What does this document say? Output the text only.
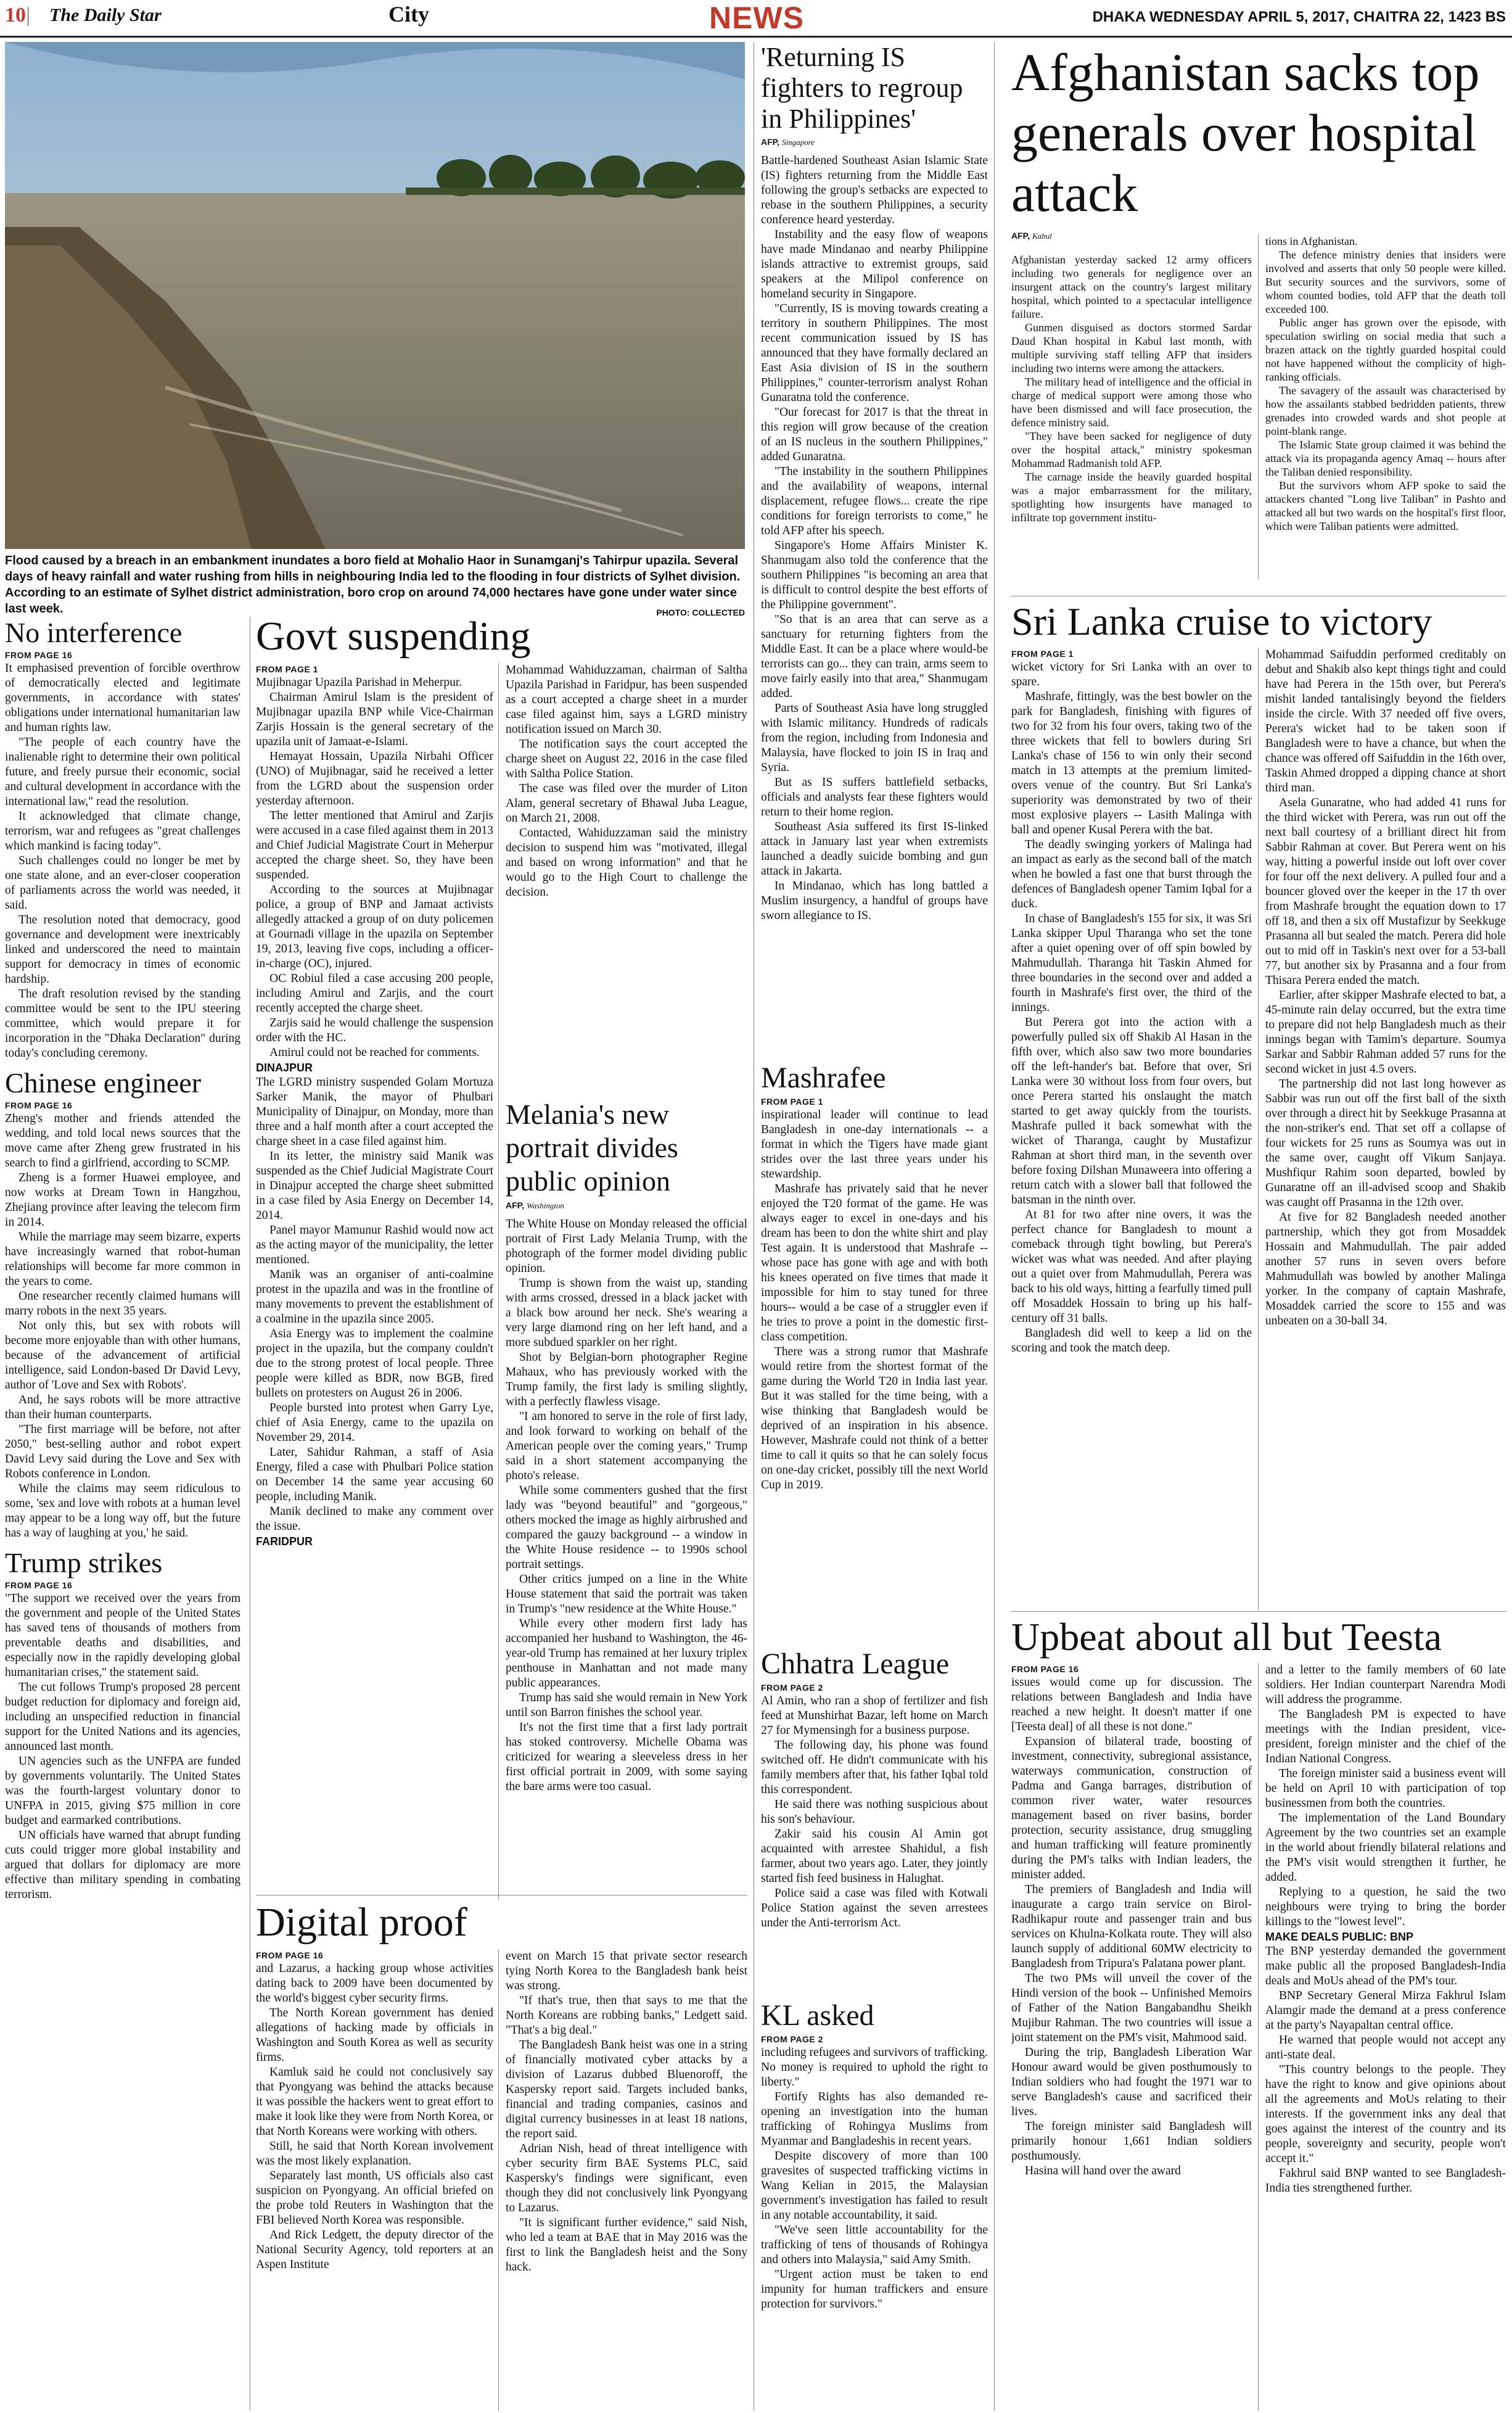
10| The Daily Star	City	NEWS	DHAKA WEDNESDAY APRIL 5, 2017, CHAITRA 22, 1423 BS
Flood caused by a breach in an embankment inundates a boro field at Mohalio Haor in Sunamganj's Tahirpur upazila. Several days of heavy rainfall and water rushing from hills in neighbouring India led to the flooding in four districts of Sylhet division. According to an estimate of Sylhet district administration, boro crop on around 74,000 hectares have gone under water since last week.	PHOTO: COLLECTED
No interference
FROM PAGE 16

It emphasised prevention of forcible overthrow of democratically elected and legitimate governments, in accordance with states' obligations under international humanitarian law and human rights law.

"The people of each country have the inalienable right to determine their own political future, and freely pursue their economic, social and cultural development in accordance with the international law," read the resolution.

It acknowledged that climate change, terrorism, war and refugees as "great challenges which mankind is facing today".

Such challenges could no longer be met by one state alone, and an ever-closer cooperation of parliaments across the world was needed, it said.

The resolution noted that democracy, good governance and development were inextricably linked and underscored the need to maintain support for democracy in times of economic hardship.

The draft resolution revised by the standing committee would be sent to the IPU steering committee, which would prepare it for incorporation in the "Dhaka Declaration" during today's concluding ceremony.

Chinese engineer
FROM PAGE 16

Zheng's mother and friends attended the wedding, and told local news sources that the move came after Zheng grew frustrated in his search to find a girlfriend, according to SCMP.

Zheng is a former Huawei employee, and now works at Dream Town in Hangzhou, Zhejiang province after leaving the telecom firm in 2014.

While the marriage may seem bizarre, experts have increasingly warned that robot-human relationships will become far more common in the years to come.

One researcher recently claimed humans will marry robots in the next 35 years.

Not only this, but sex with robots will become more enjoyable than with other humans, because of the advancement of artificial intelligence, said London-based Dr David Levy, author of 'Love and Sex with Robots'.

And, he says robots will be more attractive than their human counterparts.

"The first marriage will be before, not after 2050," best-selling author and robot expert David Levy said during the Love and Sex with Robots conference in London.

While the claims may seem ridiculous to some, 'sex and love with robots at a human level may appear to be a long way off, but the future has a way of laughing at you,' he said.

Trump strikes
FROM PAGE 16

"The support we received over the years from the government and people of the United States has saved tens of thousands of mothers from preventable deaths and disabilities, and especially now in the rapidly developing global humanitarian crises," the statement said.

The cut follows Trump's proposed 28 percent budget reduction for diplomacy and foreign aid, including an unspecified reduction in financial support for the United Nations and its agencies, announced last month.

UN agencies such as the UNFPA are funded by governments voluntarily. The United States was the fourth-largest voluntary donor to UNFPA in 2015, giving $75 million in core budget and earmarked contributions.

UN officials have warned that abrupt funding cuts could trigger more global instability and argued that dollars for diplomacy are more effective than military spending in combating terrorism.

Govt suspending
FROM PAGE 1

Mujibnagar Upazila Parishad in Meherpur.

Chairman Amirul Islam is the president of Mujibnagar upazila BNP while Vice-Chairman Zarjis Hossain is the general secretary of the upazila unit of Jamaat-e-Islami.

Hemayat Hossain, Upazila Nirbahi Officer (UNO) of Mujibnagar, said he received a letter from the LGRD about the suspension order yesterday afternoon.

The letter mentioned that Amirul and Zarjis were accused in a case filed against them in 2013 and Chief Judicial Magistrate Court in Meherpur accepted the charge sheet. So, they have been suspended.

According to the sources at Mujibnagar police, a group of BNP and Jamaat activists allegedly attacked a group of on duty policemen at Gournadi village in the upazila on September 19, 2013, leaving five cops, including a officer-in-charge (OC), injured.

OC Robiul filed a case accusing 200 people, including Amirul and Zarjis, and the court recently accepted the charge sheet.

Zarjis said he would challenge the suspension order with the HC.

Amirul could not be reached for comments.

DINAJPUR

The LGRD ministry suspended Golam Mortuza Sarker Manik, the mayor of Phulbari Municipality of Dinajpur, on Monday, more than three and a half month after a court accepted the charge sheet in a case filed against him.

In its letter, the ministry said Manik was suspended as the Chief Judicial Magistrate Court in Dinajpur accepted the charge sheet submitted in a case filed by Asia Energy on December 14, 2014.

Panel mayor Mamunur Rashid would now act as the acting mayor of the municipality, the letter mentioned.

Manik was an organiser of anti-coalmine protest in the upazila and was in the frontline of many movements to prevent the establishment of a coalmine in the upazila since 2005.

Asia Energy was to implement the coalmine project in the upazila, but the company couldn't due to the strong protest of local people. Three people were killed as BDR, now BGB, fired bullets on protesters on August 26 in 2006.

People bursted into protest when Garry Lye, chief of Asia Energy, came to the upazila on November 29, 2014.

Later, Sahidur Rahman, a staff of Asia Energy, filed a case with Phulbari Police station on December 14 the same year accusing 60 people, including Manik.

Manik declined to make any comment over the issue.

FARIDPUR

Mohammad Wahiduzzaman, chairman of Saltha Upazila Parishad in Faridpur, has been suspended as a court accepted a charge sheet in a murder case filed against him, says a LGRD ministry notification issued on March 30.

The notification says the court accepted the charge sheet on August 22, 2016 in the case filed with Saltha Police Station.

The case was filed over the murder of Liton Alam, general secretary of Bhawal Juba League, on March 21, 2008.

Contacted, Wahiduzzaman said the ministry decision to suspend him was "motivated, illegal and based on wrong information" and that he would go to the High Court to challenge the decision.

Melania's new portrait divides public opinion
AFP, Washington

The White House on Monday released the official portrait of First Lady Melania Trump, with the photograph of the former model dividing public opinion.

Trump is shown from the waist up, standing with arms crossed, dressed in a black jacket with a black bow around her neck. She's wearing a very large diamond ring on her left hand, and a more subdued sparkler on her right.

Shot by Belgian-born photographer Regine Mahaux, who has previously worked with the Trump family, the first lady is smiling slightly, with a perfectly flawless visage.

"I am honored to serve in the role of first lady, and look forward to working on behalf of the American people over the coming years," Trump said in a short statement accompanying the photo's release.

While some commenters gushed that the first lady was "beyond beautiful" and "gorgeous," others mocked the image as highly airbrushed and compared the gauzy background -- a window in the White House residence -- to 1990s school portrait settings.

Other critics jumped on a line in the White House statement that said the portrait was taken in Trump's "new residence at the White House."

While every other modern first lady has accompanied her husband to Washington, the 46-year-old Trump has remained at her luxury triplex penthouse in Manhattan and not made many public appearances.

Trump has said she would remain in New York until son Barron finishes the school year.

It's not the first time that a first lady portrait has stoked controversy. Michelle Obama was criticized for wearing a sleeveless dress in her first official portrait in 2009, with some saying the bare arms were too casual.

Digital proof
FROM PAGE 16

and Lazarus, a hacking group whose activities dating back to 2009 have been documented by the world's biggest cyber security firms.

The North Korean government has denied allegations of hacking made by officials in Washington and South Korea as well as security firms.

Kamluk said he could not conclusively say that Pyongyang was behind the attacks because it was possible the hackers went to great effort to make it look like they were from North Korea, or that North Koreans were working with others.

Still, he said that North Korean involvement was the most likely explanation.

Separately last month, US officials also cast suspicion on Pyongyang. An official briefed on the probe told Reuters in Washington that the FBI believed North Korea was responsible.

And Rick Ledgett, the deputy director of the National Security Agency, told reporters at an Aspen Institute

event on March 15 that private sector research tying North Korea to the Bangladesh bank heist was strong.

"If that's true, then that says to me that the North Koreans are robbing banks," Ledgett said. "That's a big deal."

The Bangladesh Bank heist was one in a string of financially motivated cyber attacks by a division of Lazarus dubbed Bluenoroff, the Kaspersky report said. Targets included banks, financial and trading companies, casinos and digital currency businesses in at least 18 nations, the report said.

Adrian Nish, head of threat intelligence with cyber security firm BAE Systems PLC, said Kaspersky's findings were significant, even though they did not conclusively link Pyongyang to Lazarus.

"It is significant further evidence," said Nish, who led a team at BAE that in May 2016 was the first to link the Bangladesh heist and the Sony hack.

'Returning IS fighters to regroup in Philippines'
AFP, Singapore

Battle-hardened Southeast Asian Islamic State (IS) fighters returning from the Middle East following the group's setbacks are expected to rebase in the southern Philippines, a security conference heard yesterday.

Instability and the easy flow of weapons have made Mindanao and nearby Philippine islands attractive to extremist groups, said speakers at the Milipol conference on homeland security in Singapore.

"Currently, IS is moving towards creating a territory in southern Philippines. The most recent communication issued by IS has announced that they have formally declared an East Asia division of IS in the southern Philippines," counter-terrorism analyst Rohan Gunaratna told the conference.

"Our forecast for 2017 is that the threat in this region will grow because of the creation of an IS nucleus in the southern Philippines," added Gunaratna.

"The instability in the southern Philippines and the availability of weapons, internal displacement, refugee flows... create the ripe conditions for foreign terrorists to come," he told AFP after his speech.

Singapore's Home Affairs Minister K. Shanmugam also told the conference that the southern Philippines "is becoming an area that is difficult to control despite the best efforts of the Philippine government".

"So that is an area that can serve as a sanctuary for returning fighters from the Middle East. It can be a place where would-be terrorists can go... they can train, arms seem to move fairly easily into that area," Shanmugam added.

Parts of Southeast Asia have long struggled with Islamic militancy. Hundreds of radicals from the region, including from Indonesia and Malaysia, have flocked to join IS in Iraq and Syria.

But as IS suffers battlefield setbacks, officials and analysts fear these fighters would return to their home region.

Southeast Asia suffered its first IS-linked attack in January last year when extremists launched a deadly suicide bombing and gun attack in Jakarta.

In Mindanao, which has long battled a Muslim insurgency, a handful of groups have sworn allegiance to IS.

Mashrafee
FROM PAGE 1

inspirational leader will continue to lead Bangladesh in one-day internationals -- a format in which the Tigers have made giant strides over the last three years under his stewardship.

Mashrafe has privately said that he never enjoyed the T20 format of the game. He was always eager to excel in one-days and his dream has been to don the white shirt and play Test again. It is understood that Mashrafe -- whose pace has gone with age and with both his knees operated on five times that made it impossible for him to stay tuned for three hours-- would a be case of a struggler even if he tries to prove a point in the domestic first-class competition.

There was a strong rumor that Mashrafe would retire from the shortest format of the game during the World T20 in India last year. But it was stalled for the time being, with a wise thinking that Bangladesh would be deprived of an inspiration in his absence. However, Mashrafe could not think of a better time to call it quits so that he can solely focus on one-day cricket, possibly till the next World Cup in 2019.

Chhatra League
FROM PAGE 2

Al Amin, who ran a shop of fertilizer and fish feed at Munshirhat Bazar, left home on March 27 for Mymensingh for a business purpose.

The following day, his phone was found switched off. He didn't communicate with his family members after that, his father Iqbal told this correspondent.

He said there was nothing suspicious about his son's behaviour.

Zakir said his cousin Al Amin got acquainted with arrestee Shahidul, a fish farmer, about two years ago. Later, they jointly started fish feed business in Halughat.

Police said a case was filed with Kotwali Police Station against the seven arrestees under the Anti-terrorism Act.

KL asked
FROM PAGE 2

including refugees and survivors of trafficking. No money is required to uphold the right to liberty."

Fortify Rights has also demanded re-opening an investigation into the human trafficking of Rohingya Muslims from Myanmar and Bangladeshis in recent years.

Despite discovery of more than 100 gravesites of suspected trafficking victims in Wang Kelian in 2015, the Malaysian government's investigation has failed to result in any notable accountability, it said.

"We've seen little accountability for the trafficking of tens of thousands of Rohingya and others into Malaysia," said Amy Smith.

"Urgent action must be taken to end impunity for human traffickers and ensure protection for survivors."

Afghanistan sacks top generals over hospital attack
AFP, Kabul

Afghanistan yesterday sacked 12 army officers including two generals for negligence over an insurgent attack on the country's largest military hospital, which pointed to a spectacular intelligence failure.

Gunmen disguised as doctors stormed Sardar Daud Khan hospital in Kabul last month, with multiple surviving staff telling AFP that insiders including two interns were among the attackers.

The military head of intelligence and the official in charge of medical support were among those who have been dismissed and will face prosecution, the defence ministry said.

"They have been sacked for negligence of duty over the hospital attack," ministry spokesman Mohammad Radmanish told AFP.

The carnage inside the heavily guarded hospital was a major embarrassment for the military, spotlighting how insurgents have managed to infiltrate top government institu-

tions in Afghanistan.

The defence ministry denies that insiders were involved and asserts that only 50 people were killed. But security sources and the survivors, some of whom counted bodies, told AFP that the death toll exceeded 100.

Public anger has grown over the episode, with speculation swirling on social media that such a brazen attack on the tightly guarded hospital could not have happened without the complicity of high-ranking officials.

The savagery of the assault was characterised by how the assailants stabbed bedridden patients, threw grenades into crowded wards and shot people at point-blank range.

The Islamic State group claimed it was behind the attack via its propaganda agency Amaq -- hours after the Taliban denied responsibility.

But the survivors whom AFP spoke to said the attackers chanted "Long live Taliban" in Pashto and attacked all but two wards on the hospital's first floor, which were Taliban patients were admitted.

Sri Lanka cruise to victory
FROM PAGE 1

wicket victory for Sri Lanka with an over to spare.

Mashrafe, fittingly, was the best bowler on the park for Bangladesh, finishing with figures of two for 32 from his four overs, taking two of the three wickets that fell to bowlers during Sri Lanka's chase of 156 to win only their second match in 13 attempts at the premium limited-overs venue of the country. But Sri Lanka's superiority was demonstrated by two of their most explosive players -- Lasith Malinga with ball and opener Kusal Perera with the bat.

The deadly swinging yorkers of Malinga had an impact as early as the second ball of the match when he bowled a fast one that burst through the defences of Bangladesh opener Tamim Iqbal for a duck.

In chase of Bangladesh's 155 for six, it was Sri Lanka skipper Upul Tharanga who set the tone after a quiet opening over of off spin bowled by Mahmudullah. Tharanga hit Taskin Ahmed for three boundaries in the second over and added a fourth in Mashrafe's first over, the third of the innings.

But Perera got into the action with a powerfully pulled six off Shakib Al Hasan in the fifth over, which also saw two more boundaries off the left-hander's bat. Before that over, Sri Lanka were 30 without loss from four overs, but once Perera started his onslaught the match started to get away quickly from the tourists. Mashrafe pulled it back somewhat with the wicket of Tharanga, caught by Mustafizur Rahman at short third man, in the seventh over before foxing Dilshan Munaweera into offering a return catch with a slower ball that followed the batsman in the ninth over.

At 81 for two after nine overs, it was the perfect chance for Bangladesh to mount a comeback through tight bowling, but Perera's wicket was what was needed. And after playing out a quiet over from Mahmudullah, Perera was back to his old ways, hitting a fearfully timed pull off Mosaddek Hossain to bring up his half-century off 31 balls.

Bangladesh did well to keep a lid on the scoring and took the match deep.

Mohammad Saifuddin performed creditably on debut and Shakib also kept things tight and could have had Perera in the 15th over, but Perera's mishit landed tantalisingly beyond the fielders inside the circle. With 37 needed off five overs, Perera's wicket had to be taken soon if Bangladesh were to have a chance, but when the chance was offered off Saifuddin in the 16th over, Taskin Ahmed dropped a dipping chance at short third man.

Asela Gunaratne, who had added 41 runs for the third wicket with Perera, was run out off the next ball courtesy of a brilliant direct hit from Sabbir Rahman at cover. But Perera went on his way, hitting a powerful inside out loft over cover for four off the next delivery. A pulled four and a bouncer gloved over the keeper in the 17 th over from Mashrafe brought the equation down to 17 off 18, and then a six off Mustafizur by Seekkuge Prasanna all but sealed the match. Perera did hole out to mid off in Taskin's next over for a 53-ball 77, but another six by Prasanna and a four from Thisara Perera ended the match.

Earlier, after skipper Mashrafe elected to bat, a 45-minute rain delay occurred, but the extra time to prepare did not help Bangladesh much as their innings began with Tamim's departure. Soumya Sarkar and Sabbir Rahman added 57 runs for the second wicket in just 4.5 overs.

The partnership did not last long however as Sabbir was run out off the first ball of the sixth over through a direct hit by Seekkuge Prasanna at the non-striker's end. That set off a collapse of four wickets for 25 runs as Soumya was out in the same over, caught off Vikum Sanjaya. Mushfiqur Rahim soon departed, bowled by Gunaratne off an ill-advised scoop and Shakib was caught off Prasanna in the 12th over.

At five for 82 Bangladesh needed another partnership, which they got from Mosaddek Hossain and Mahmudullah. The pair added another 57 runs in seven overs before Mahmudullah was bowled by another Malinga yorker. In the company of captain Mashrafe, Mosaddek carried the score to 155 and was unbeaten on a 30-ball 34.

Upbeat about all but Teesta
FROM PAGE 16

issues would come up for discussion. The relations between Bangladesh and India have reached a new height. It doesn't matter if one [Teesta deal] of all these is not done."

Expansion of bilateral trade, boosting of investment, connectivity, subregional assistance, waterways communication, construction of Padma and Ganga barrages, distribution of common river water, water resources management based on river basins, border protection, security assistance, drug smuggling and human trafficking will feature prominently during the PM's talks with Indian leaders, the minister added.

The premiers of Bangladesh and India will inaugurate a cargo train service on Birol-Radhikapur route and passenger train and bus services on Khulna-Kolkata route. They will also launch supply of additional 60MW electricity to Bangladesh from Tripura's Palatana power plant.

The two PMs will unveil the cover of the Hindi version of the book -- Unfinished Memoirs of Father of the Nation Bangabandhu Sheikh Mujibur Rahman. The two countries will issue a joint statement on the PM's visit, Mahmood said.

During the trip, Bangladesh Liberation War Honour award would be given posthumously to Indian soldiers who had fought the 1971 war to serve Bangladesh's cause and sacrificed their lives.

The foreign minister said Bangladesh will primarily honour 1,661 Indian soldiers posthumously.

Hasina will hand over the award

and a letter to the family members of 60 late soldiers. Her Indian counterpart Narendra Modi will address the programme.

The Bangladesh PM is expected to have meetings with the Indian president, vice-president, foreign minister and the chief of the Indian National Congress.

The foreign minister said a business event will be held on April 10 with participation of top businessmen from both the countries.

The implementation of the Land Boundary Agreement by the two countries set an example in the world about friendly bilateral relations and the PM's visit would strengthen it further, he added.

Replying to a question, he said the two neighbours were trying to bring the border killings to the "lowest level".

MAKE DEALS PUBLIC: BNP

The BNP yesterday demanded the government make public all the proposed Bangladesh-India deals and MoUs ahead of the PM's tour.

BNP Secretary General Mirza Fakhrul Islam Alamgir made the demand at a press conference at the party's Nayapaltan central office.

He warned that people would not accept any anti-state deal.

"This country belongs to the people. They have the right to know and give opinions about all the agreements and MoUs relating to their interests. If the government inks any deal that goes against the interest of the country and its people, sovereignty and security, people won't accept it."

Fakhrul said BNP wanted to see Bangladesh-India ties strengthened further.
